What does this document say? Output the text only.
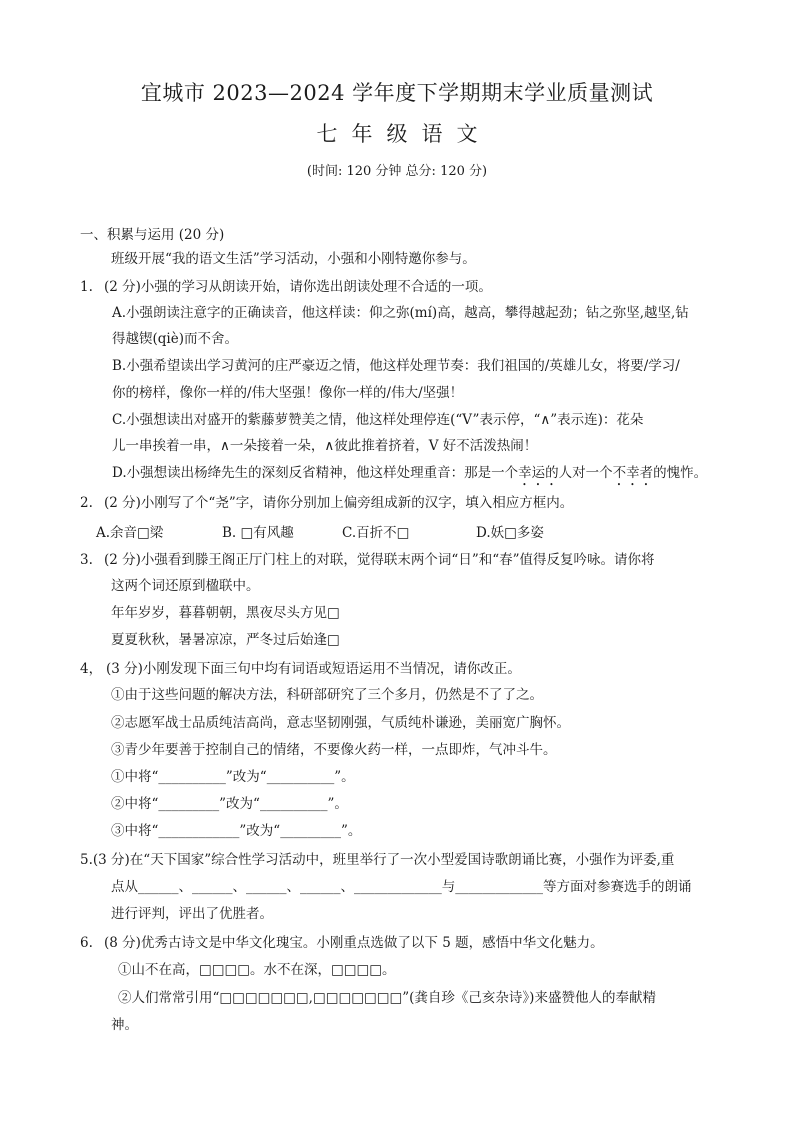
宜城市 2023—2024 学年度下学期期末学业质量测试
七年级语文
(时间: 120 分钟 总分: 120 分)
一、积累与运用 (20 分)
班级开展“我的语文生活”学习活动，小强和小刚特邀你参与。
1. (2 分)小强的学习从朗读开始，请你选出朗读处理不合适的一项。
A.小强朗读注意字的正确读音，他这样读：仰之弥(mí)高，越高，攀得越起劲；钻之弥坚,越坚,钻
得越锲(qiè)而不舍。
B.小强希望读出学习黄河的庄严豪迈之情，他这样处理节奏：我们祖国的/英雄儿女，将要/学习/
你的榜样，像你一样的/伟大坚强！像你一样的/伟大/坚强！
C.小强想读出对盛开的紫藤萝赞美之情，他这样处理停连(“V”表示停，“∧”表示连)：花朵
儿一串挨着一串，∧一朵接着一朵，∧彼此推着挤着，V 好不活泼热闹！
D.小强想读出杨绛先生的深刻反省精神，他这样处理重音：那是一个幸运的人对一个不幸者的愧怍。
2. (2 分)小刚写了个“尧”字，请你分别加上偏旁组成新的汉字，填入相应方框内。
A.余音□梁	B. □有风趣	C.百折不□	D.妖□多姿
3. (2 分)小强看到滕王阁正厅门柱上的对联，觉得联末两个词“日”和“春”值得反复吟咏。请你将
这两个词还原到楹联中。
年年岁岁，暮暮朝朝，黑夜尽头方见□
夏夏秋秋，暑暑凉凉，严冬过后始逢□
4， (3 分)小刚发现下面三句中均有词语或短语运用不当情况，请你改正。
①由于这些问题的解决方法，科研部研究了三个多月，仍然是不了了之。
②志愿军战士品质纯洁高尚，意志坚韧刚强，气质纯朴谦逊，美丽宽广胸怀。
③青少年要善于控制自己的情绪，不要像火药一样，一点即炸，气冲斗牛。
①中将“__________”改为“__________”。
②中将“_________”改为“__________”。
③中将“____________”改为“_________”。
5.(3 分)在“天下国家”综合性学习活动中，班里举行了一次小型爱国诗歌朗诵比赛，小强作为评委,重
点从______、______、______、______、_____________与_____________等方面对参赛选手的朗诵
进行评判，评出了优胜者。
6. (8 分)优秀古诗文是中华文化瑰宝。小刚重点选做了以下 5 题，感悟中华文化魅力。
①山不在高，□□□□。水不在深，□□□□。
②人们常常引用“□□□□□□□,□□□□□□□”(龚自珍《己亥杂诗》)来盛赞他人的奉献精
神。
